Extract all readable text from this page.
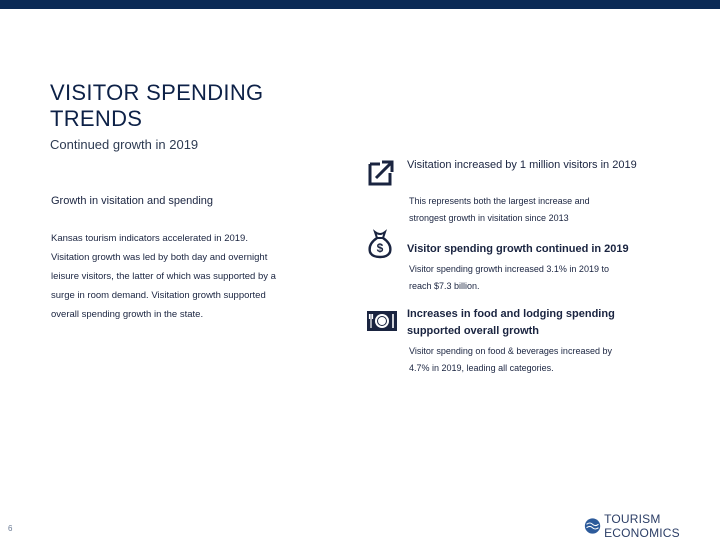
VISITOR SPENDING TRENDS
Continued growth in 2019
Growth in visitation and spending
Kansas tourism indicators accelerated in 2019.
Visitation growth was led by both day and overnight
leisure visitors, the latter of which was supported by a
surge in room demand. Visitation growth supported
overall spending growth in the state.
Visitation increased by 1 million visitors in 2019
This represents both the largest increase and
strongest growth in visitation since 2013
$ Visitor spending growth continued in 2019
Visitor spending growth increased 3.1% in 2019 to
reach $7.3 billion.
Increases in food and lodging spending supported overall growth
Visitor spending on food & beverages increased by
4.7% in 2019, leading all categories.
6
TOURISM ECONOMICS
